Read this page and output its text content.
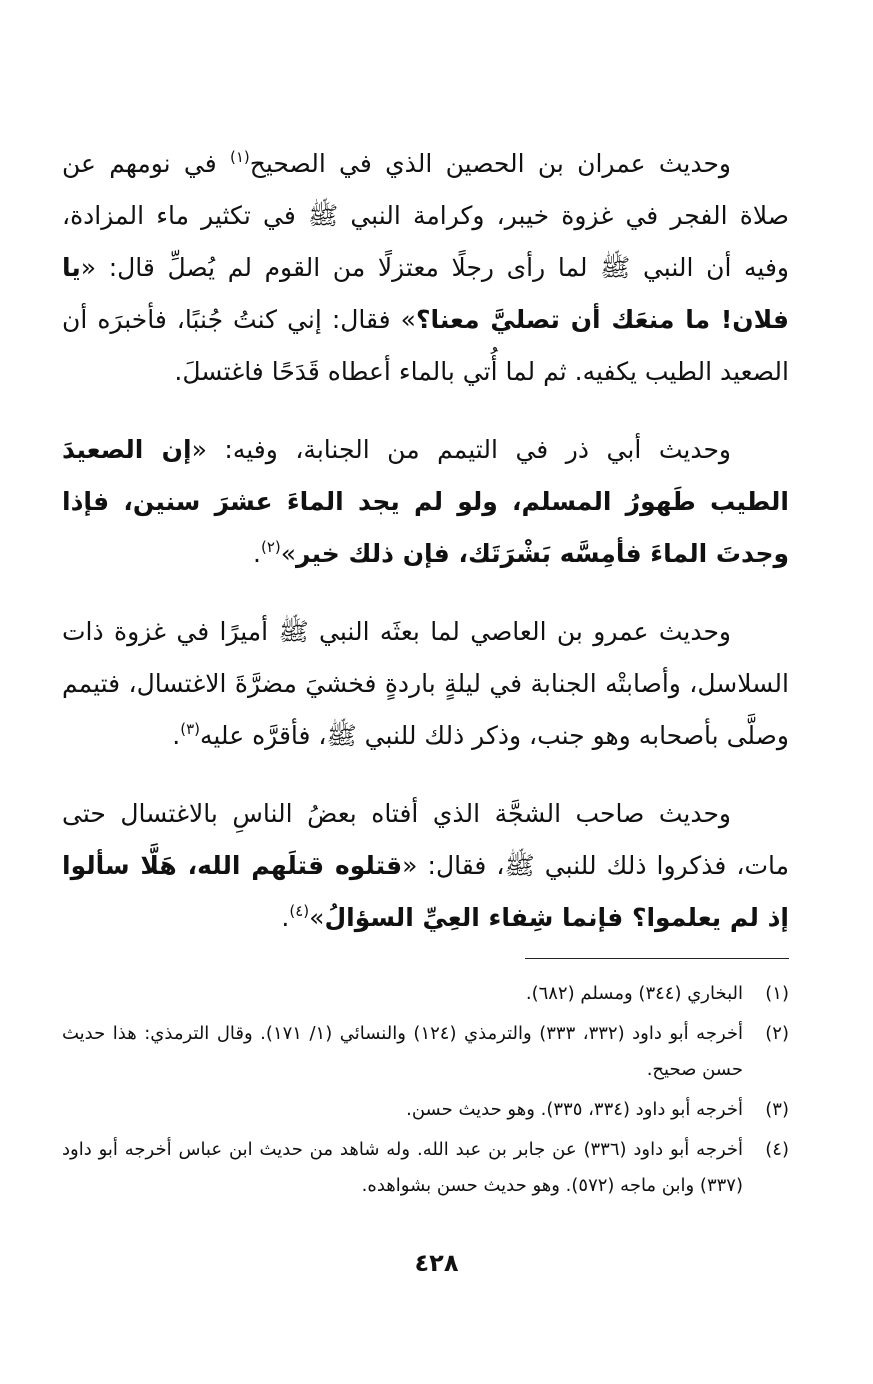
وحديث عمران بن الحصين الذي في الصحيح$^{(١)}$ في نومهم عن صلاة الفجر في غزوة خيبر، وكرامة النبي ﷺ في تكثير ماء المزادة، وفيه أن النبي ﷺ لما رأى رجلًا معتزلًا من القوم لم يُصلِّ قال: «يا فلان! ما منعَك أن تصليَّ معنا؟» فقال: إني كنتُ جُنبًا، فأخبرَه أن الصعيد الطيب يكفيه. ثم لما أُتي بالماء أعطاه قَدَحًا فاغتسلَ.

وحديث أبي ذر في التيمم من الجنابة، وفيه: «إن الصعيدَ الطيب طَهورُ المسلم، ولو لم يجد الماءَ عشرَ سنين، فإذا وجدتَ الماءَ فأمِسَّه بَشْرَتَك، فإن ذلك خير»$^{(٢)}$.

وحديث عمرو بن العاصي لما بعثَه النبي ﷺ أميرًا في غزوة ذات السلاسل، وأصابتْه الجنابة في ليلةٍ باردةٍ فخشيَ مضرَّةَ الاغتسال، فتيمم وصلَّى بأصحابه وهو جنب، وذكر ذلك للنبي ﷺ، فأقرَّه عليه$^{(٣)}$.

وحديث صاحب الشجَّة الذي أفتاه بعضُ الناسِ بالاغتسال حتى مات، فذكروا ذلك للنبي ﷺ، فقال: «قتلوه قتلَهم الله، هَلَّا سألوا إذ لم يعلموا؟ فإنما شِفاء العِيِّ السؤالُ»$^{(٤)}$.

(١)
البخاري (٣٤٤) ومسلم (٦٨٢).
(٢)
أخرجه أبو داود (٣٣٢، ٣٣٣) والترمذي (١٢٤) والنسائي (١/ ١٧١). وقال الترمذي: هذا حديث حسن صحيح.
(٣)
أخرجه أبو داود (٣٣٤، ٣٣٥). وهو حديث حسن.
(٤)
أخرجه أبو داود (٣٣٦) عن جابر بن عبد الله. وله شاهد من حديث ابن عباس أخرجه أبو داود (٣٣٧) وابن ماجه (٥٧٢). وهو حديث حسن بشواهده.
٤٢٨
